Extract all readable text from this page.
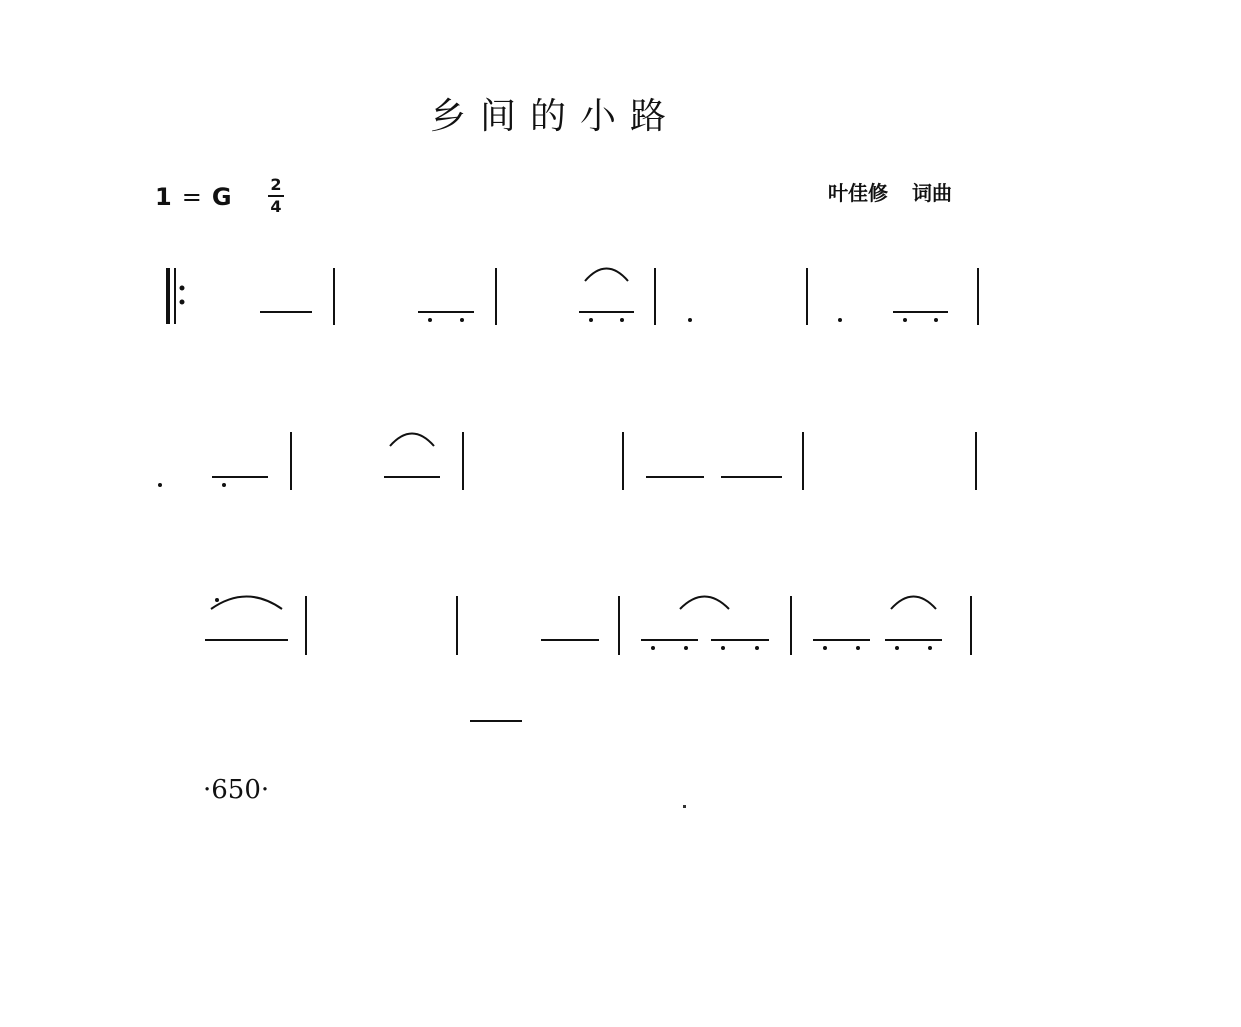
乡间的小路
1 = G 2
4
叶佳修 词曲
·650·
